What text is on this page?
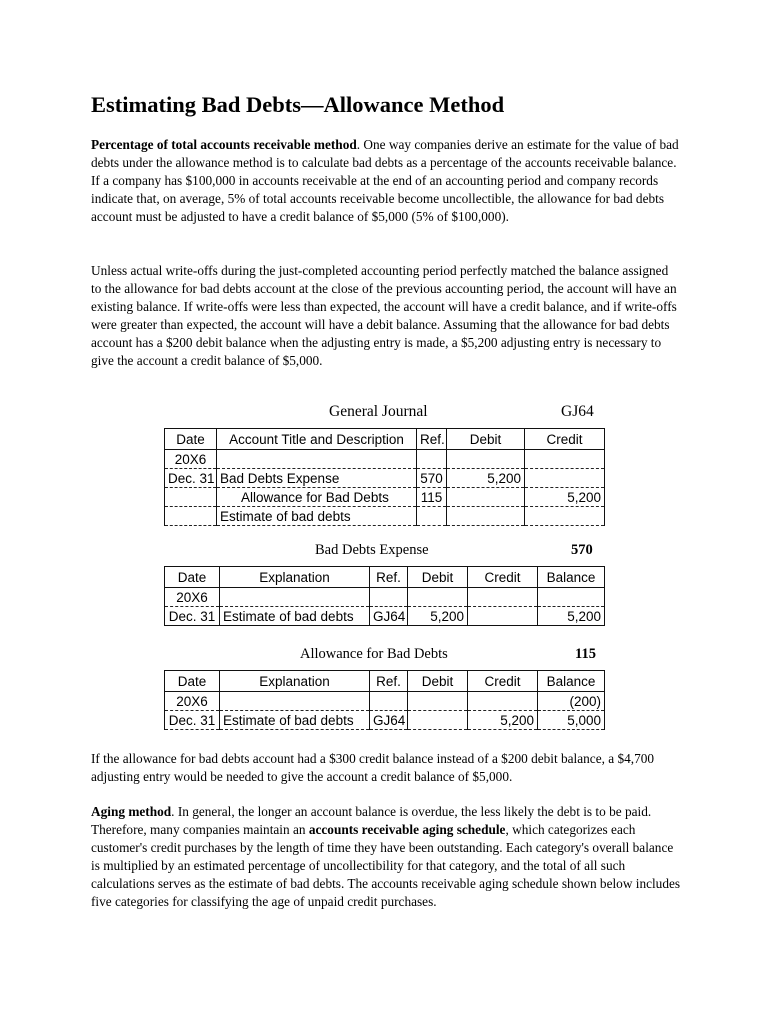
Estimating Bad Debts—Allowance Method

Percentage of total accounts receivable method. One way companies derive an estimate for the value of bad debts under the allowance method is to calculate bad debts as a percentage of the accounts receivable balance. If a company has $100,000 in accounts receivable at the end of an accounting period and company records indicate that, on average, 5% of total accounts receivable become uncollectible, the allowance for bad debts account must be adjusted to have a credit balance of $5,000 (5% of $100,000).

Unless actual write-offs during the just-completed accounting period perfectly matched the balance assigned to the allowance for bad debts account at the close of the previous accounting period, the account will have an existing balance. If write-offs were less than expected, the account will have a credit balance, and if write-offs were greater than expected, the account will have a debit balance. Assuming that the allowance for bad debts account has a $200 debit balance when the adjusting entry is made, a $5,200 adjusting entry is necessary to give the account a credit balance of $5,000.

General Journal	GJ64
Date	Account Title and Description	Ref.	Debit	Credit
20X6				
Dec. 31	Bad Debts Expense	570	5,200	
	Allowance for Bad Debts	115		5,200
	Estimate of bad debts			
Bad Debts Expense	570
Date	Explanation	Ref.	Debit	Credit	Balance
20X6					
Dec. 31	Estimate of bad debts	GJ64	5,200		5,200
Allowance for Bad Debts	115
Date	Explanation	Ref.	Debit	Credit	Balance
20X6					(200)
Dec. 31	Estimate of bad debts	GJ64		5,200	5,000

If the allowance for bad debts account had a $300 credit balance instead of a $200 debit balance, a $4,700 adjusting entry would be needed to give the account a credit balance of $5,000.

Aging method. In general, the longer an account balance is overdue, the less likely the debt is to be paid. Therefore, many companies maintain an accounts receivable aging schedule, which categorizes each customer's credit purchases by the length of time they have been outstanding. Each category's overall balance is multiplied by an estimated percentage of uncollectibility for that category, and the total of all such calculations serves as the estimate of bad debts. The accounts receivable aging schedule shown below includes five categories for classifying the age of unpaid credit purchases.
